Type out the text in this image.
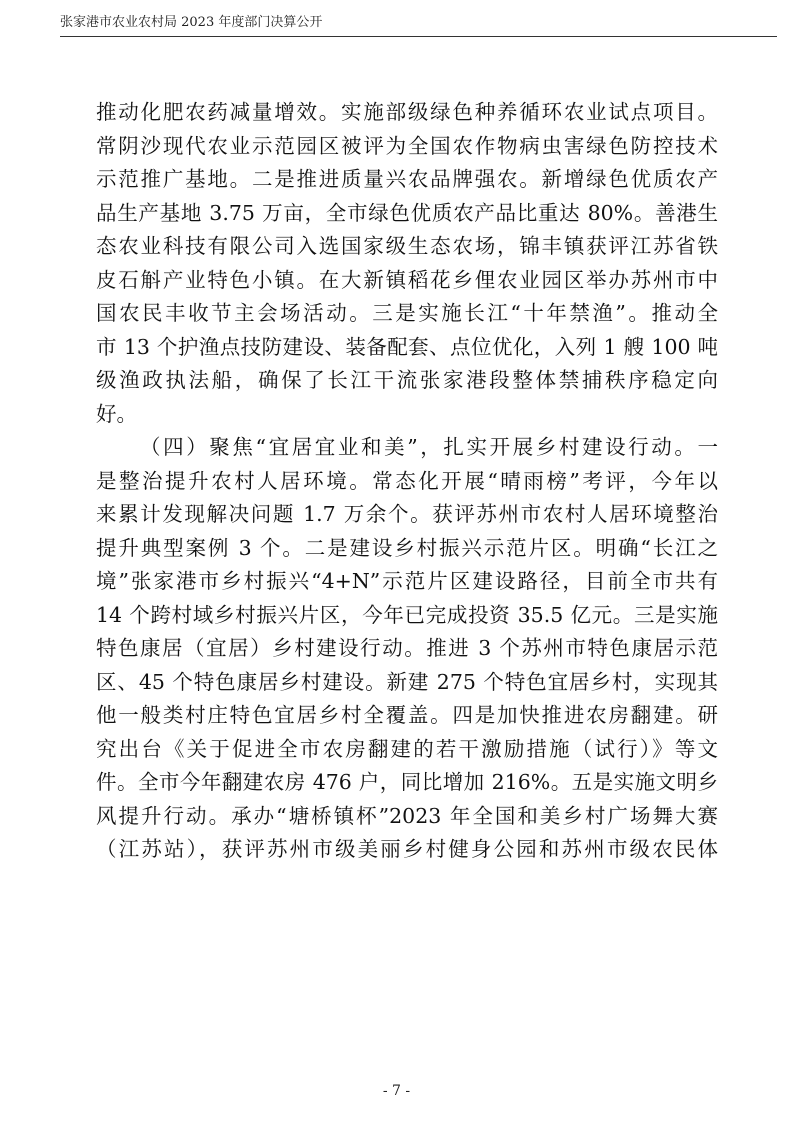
张家港市农业农村局 2023 年度部门决算公开
推动化肥农药减量增效。实施部级绿色种养循环农业试点项目。
常阴沙现代农业示范园区被评为全国农作物病虫害绿色防控技术
示范推广基地。二是推进质量兴农品牌强农。新增绿色优质农产
品生产基地 3.75 万亩，全市绿色优质农产品比重达 80%。善港生
态农业科技有限公司入选国家级生态农场，锦丰镇获评江苏省铁
皮石斛产业特色小镇。在大新镇稻花乡俚农业园区举办苏州市中
国农民丰收节主会场活动。三是实施长江“十年禁渔”。推动全
市 13 个护渔点技防建设、装备配套、点位优化，入列 1 艘 100 吨
级渔政执法船，确保了长江干流张家港段整体禁捕秩序稳定向
好。
（四）聚焦“宜居宜业和美”，扎实开展乡村建设行动。一
是整治提升农村人居环境。常态化开展“晴雨榜”考评，今年以
来累计发现解决问题 1.7 万余个。获评苏州市农村人居环境整治
提升典型案例 3 个。二是建设乡村振兴示范片区。明确“长江之
境”张家港市乡村振兴“4+N”示范片区建设路径，目前全市共有
14 个跨村域乡村振兴片区，今年已完成投资 35.5 亿元。三是实施
特色康居（宜居）乡村建设行动。推进 3 个苏州市特色康居示范
区、45 个特色康居乡村建设。新建 275 个特色宜居乡村，实现其
他一般类村庄特色宜居乡村全覆盖。四是加快推进农房翻建。研
究出台《关于促进全市农房翻建的若干激励措施（试行）》等文
件。全市今年翻建农房 476 户，同比增加 216%。五是实施文明乡
风提升行动。承办“塘桥镇杯”2023 年全国和美乡村广场舞大赛
（江苏站），获评苏州市级美丽乡村健身公园和苏州市级农民体
- 7 -
